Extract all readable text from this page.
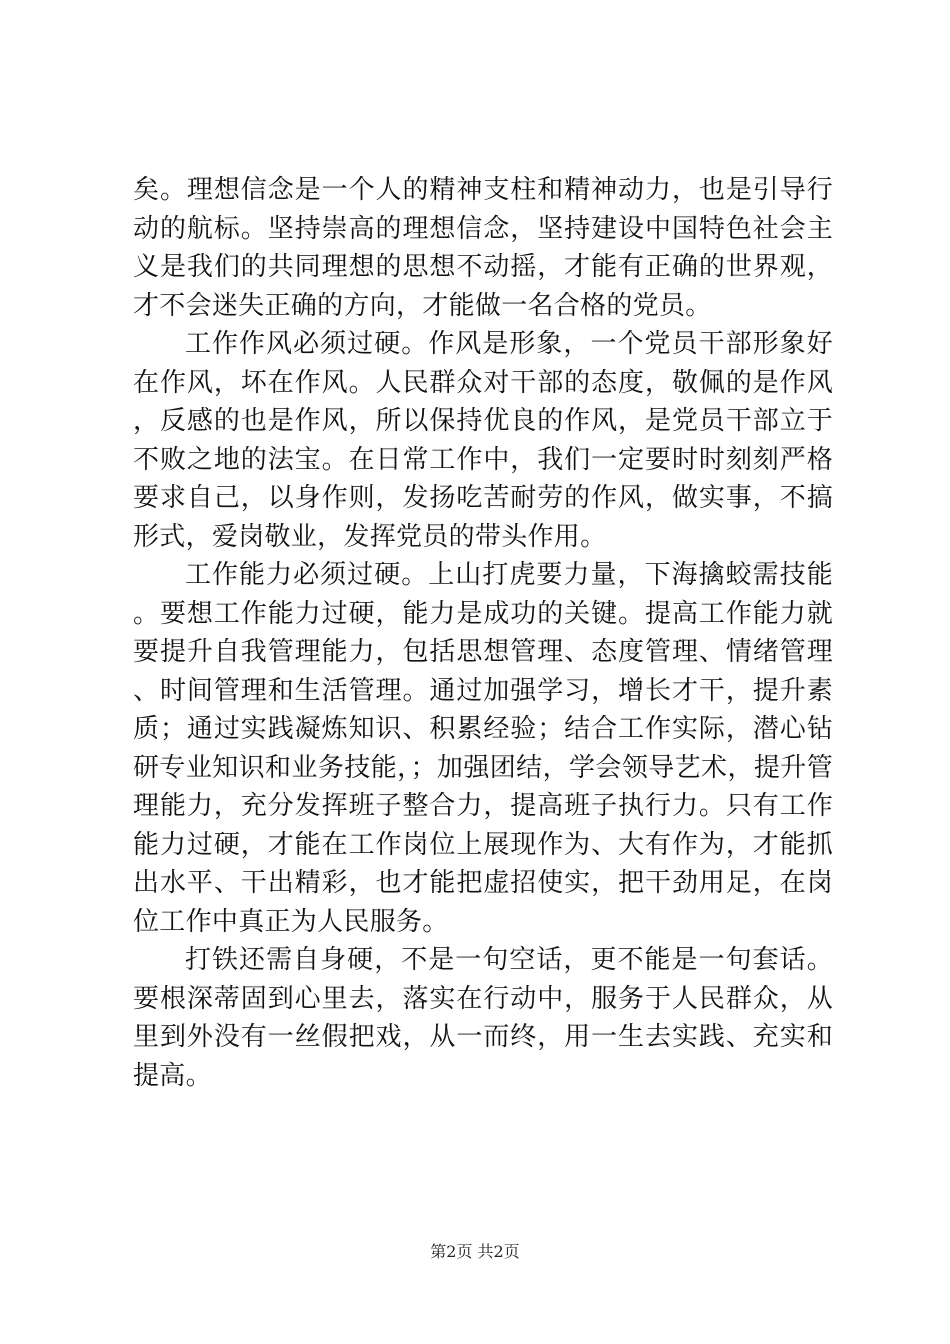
矣。理想信念是一个人的精神支柱和精神动力，也是引导行动的航标。坚持崇高的理想信念，坚持建设中国特色社会主义是我们的共同理想的思想不动摇，才能有正确的世界观，才不会迷失正确的方向，才能做一名合格的党员。

工作作风必须过硬。作风是形象，一个党员干部形象好在作风，坏在作风。人民群众对干部的态度，敬佩的是作风，反感的也是作风，所以保持优良的作风，是党员干部立于不败之地的法宝。在日常工作中，我们一定要时时刻刻严格要求自己，以身作则，发扬吃苦耐劳的作风，做实事，不搞形式，爱岗敬业，发挥党员的带头作用。

工作能力必须过硬。上山打虎要力量，下海擒蛟需技能。要想工作能力过硬，能力是成功的关键。提高工作能力就要提升自我管理能力，包括思想管理、态度管理、情绪管理、时间管理和生活管理。通过加强学习，增长才干，提升素质；通过实践凝炼知识、积累经验；结合工作实际，潜心钻研专业知识和业务技能，；加强团结，学会领导艺术，提升管理能力，充分发挥班子整合力，提高班子执行力。只有工作能力过硬，才能在工作岗位上展现作为、大有作为，才能抓出水平、干出精彩，也才能把虚招使实，把干劲用足，在岗位工作中真正为人民服务。

打铁还需自身硬，不是一句空话，更不能是一句套话。要根深蒂固到心里去，落实在行动中，服务于人民群众，从里到外没有一丝假把戏，从一而终，用一生去实践、充实和提高。

第2页 共2页
